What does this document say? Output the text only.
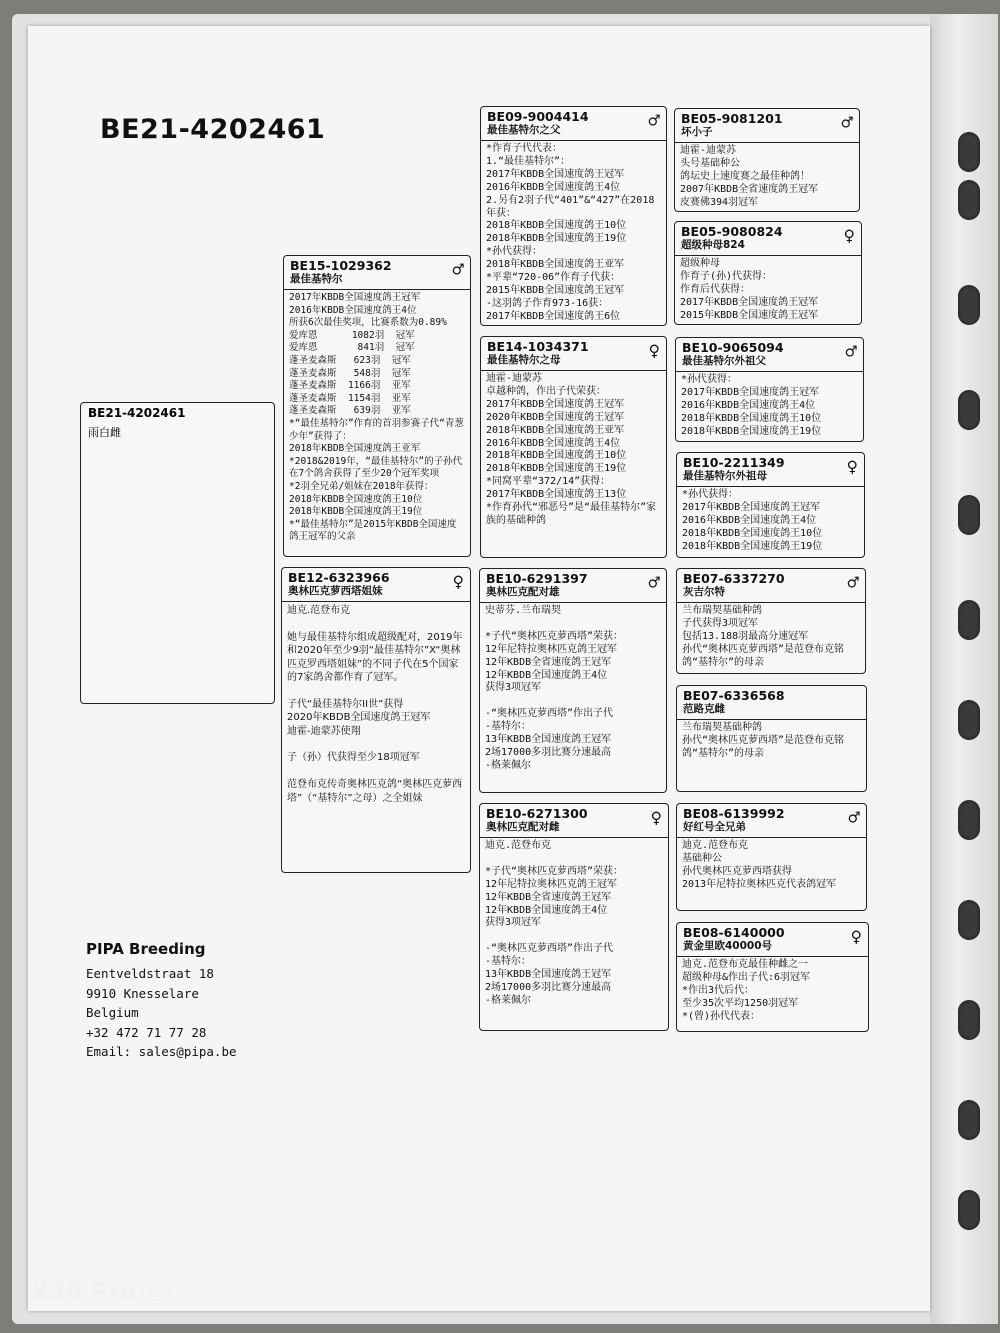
BE21-4202461
BE21-4202461
雨白雌
BE15-1029362
最佳基特尔	♂
2017年KBDB全国速度鸽王冠军
2016年KBDB全国速度鸽王4位
所获6次最佳奖项，比赛系数为0.89%
爱库恩      1082羽  冠军
爱库恩       841羽  冠军
蓬圣麦森斯   623羽  冠军
蓬圣麦森斯   548羽  冠军
蓬圣麦森斯  1166羽  亚军
蓬圣麦森斯  1154羽  亚军
蓬圣麦森斯   639羽  亚军
*“最佳基特尔”作育的首羽参赛子代“青葱少年”获得了：
2018年KBDB全国速度鸽王亚军
*2018&2019年，“最佳基特尔”的子孙代在7个鸽舍获得了至少20个冠军奖项
*2羽全兄弟/姐妹在2018年获得：
2018年KBDB全国速度鸽王10位
2018年KBDB全国速度鸽王19位
*“最佳基特尔”是2015年KBDB全国速度鸽王冠军的父亲
BE12-6323966
奥林匹克萝西塔姐妹	♀
迪克.范登布克

她与最佳基特尔组成超级配对，2019年和2020年至少9羽“最佳基特尔”X“奥林匹克罗西塔姐妹”的不同子代在5个国家的7家鸽舍都作育了冠军。

子代“最佳基特尔II世”获得
2020年KBDB全国速度鸽王冠军
迪霍-迪蒙苏使翔

子（孙）代获得至少18项冠军

范登布克传奇奥林匹克鸽“奥林匹克萝西塔”（“基特尔”之母）之全姐妹
BE09-9004414
最佳基特尔之父	♂
*作育子代代表：
1.“最佳基特尔”：
2017年KBDB全国速度鸽王冠军
2016年KBDB全国速度鸽王4位
2.另有2羽子代“401”&“427”在2018年获：
2018年KBDB全国速度鸽王10位
2018年KBDB全国速度鸽王19位
*孙代获得：
2018年KBDB全国速度鸽王亚军
*平辈“720-06”作育子代获：
2015年KBDB全国速度鸽王冠军
-这羽鸽子作育973-16获：
2017年KBDB全国速度鸽王6位
BE14-1034371
最佳基特尔之母	♀
迪霍-迪蒙苏
卓越种鸽，作出子代荣获：
2017年KBDB全国速度鸽王冠军
2020年KBDB全国速度鸽王冠军
2018年KBDB全国速度鸽王亚军
2016年KBDB全国速度鸽王4位
2018年KBDB全国速度鸽王10位
2018年KBDB全国速度鸽王19位
*同窝平辈“372/14”获得：
2017年KBDB全国速度鸽王13位
*作育孙代“邪恶号”是“最佳基特尔”家族的基础种鸽
BE10-6291397
奥林匹克配对雄	♂
史蒂芬.兰布瑞契

*子代“奥林匹克萝西塔”荣获：
12年尼特拉奥林匹克鸽王冠军
12年KBDB全省速度鸽王冠军
12年KBDB全国速度鸽王4位
获得3项冠军

-“奥林匹克萝西塔”作出子代
-基特尔：
13年KBDB全国速度鸽王冠军
2场17000多羽比赛分速最高
-格莱佩尔
BE10-6271300
奥林匹克配对雌	♀
迪克.范登布克

*子代“奥林匹克萝西塔”荣获：
12年尼特拉奥林匹克鸽王冠军
12年KBDB全省速度鸽王冠军
12年KBDB全国速度鸽王4位
获得3项冠军

-“奥林匹克萝西塔”作出子代
-基特尔：
13年KBDB全国速度鸽王冠军
2场17000多羽比赛分速最高
-格莱佩尔
BE05-9081201
坏小子	♂
迪霍-迪蒙苏
头号基础种公
鸽坛史上速度赛之最佳种鸽！
2007年KBDB全省速度鸽王冠军
皮赛佛394羽冠军
BE05-9080824
超级种母824	♀
超级种母
作育子(孙)代获得：
作育后代获得：
2017年KBDB全国速度鸽王冠军
2015年KBDB全国速度鸽王冠军
BE10-9065094
最佳基特尔外祖父	♂
*孙代获得：
2017年KBDB全国速度鸽王冠军
2016年KBDB全国速度鸽王4位
2018年KBDB全国速度鸽王10位
2018年KBDB全国速度鸽王19位
BE10-2211349
最佳基特尔外祖母	♀
*孙代获得：
2017年KBDB全国速度鸽王冠军
2016年KBDB全国速度鸽王4位
2018年KBDB全国速度鸽王10位
2018年KBDB全国速度鸽王19位
BE07-6337270
灰吉尔特	♂
兰布瑞契基础种鸽
子代获得3项冠军
包括13.188羽最高分速冠军
孙代“奥林匹克萝西塔”是范登布克铭鸽“基特尔”的母亲
BE07-6336568
范路克雌
兰布瑞契基础种鸽
孙代“奥林匹克萝西塔”是范登布克铭鸽“基特尔”的母亲
BE08-6139992
好红号全兄弟	♂
迪克.范登布克
基础种公
孙代奥林匹克萝西塔获得
2013年尼特拉奥林匹克代表鸽冠军
BE08-6140000
黄金里欧40000号	♀
迪克.范登布克最佳种雌之一
超级种母&作出子代:6羽冠军
*作出3代后代：
至少35次平均1250羽冠军
*(曾)孙代代表：
PIPA Breeding
Eentveldstraat 18
9910 Knesselare
Belgium
+32 472 71 77 28
Email: sales@pipa.be
X30 Pro 5G
